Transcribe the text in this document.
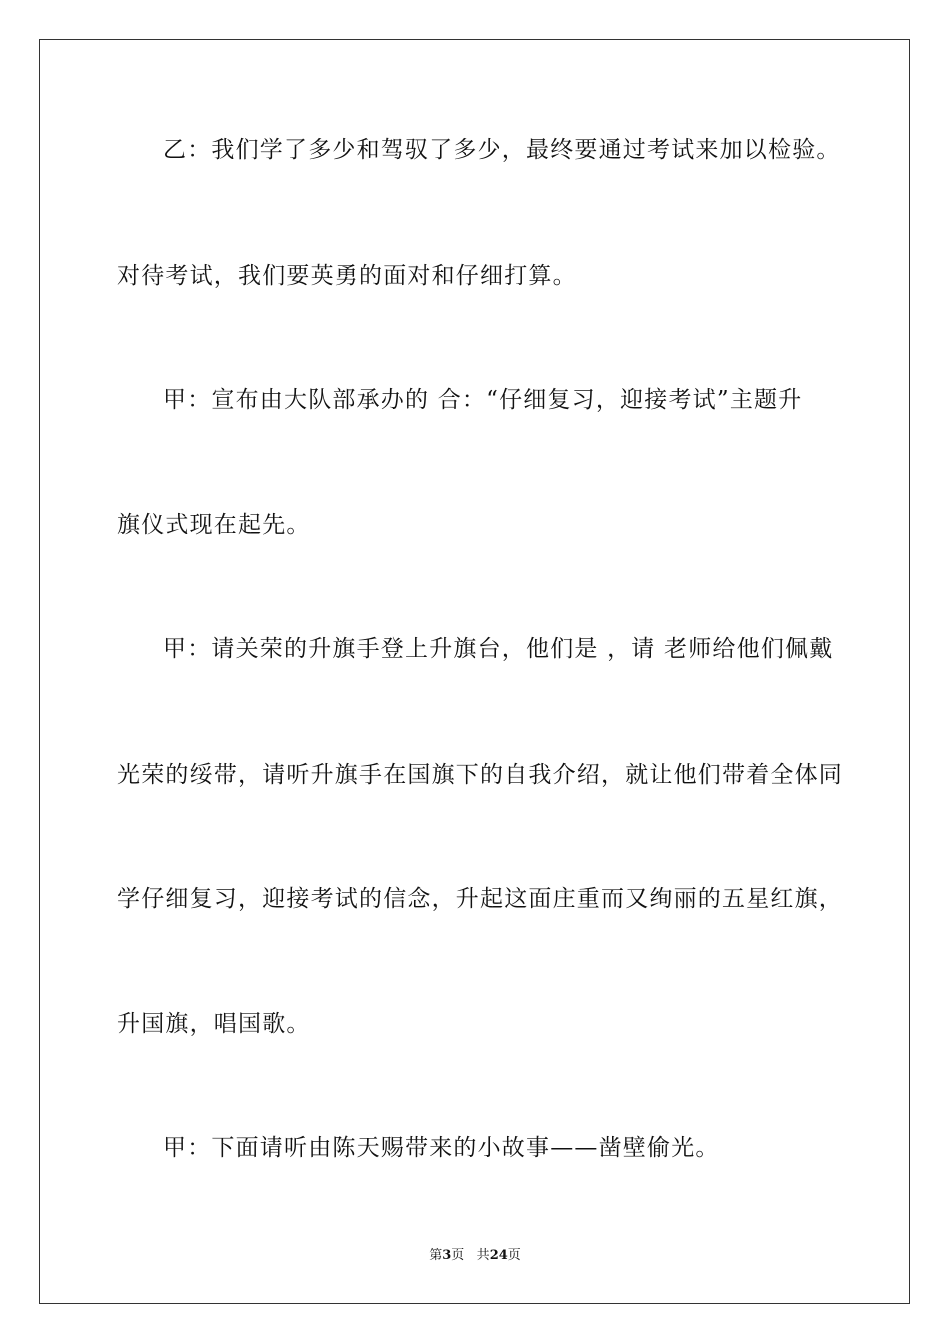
乙：我们学了多少和驾驭了多少，最终要通过考试来加以检验。
对待考试，我们要英勇的面对和仔细打算。
甲：宣布由大队部承办的 合：“仔细复习，迎接考试”主题升
旗仪式现在起先。
甲：请关荣的升旗手登上升旗台，他们是 ，请 老师给他们佩戴
光荣的绥带，请听升旗手在国旗下的自我介绍，就让他们带着全体同
学仔细复习，迎接考试的信念，升起这面庄重而又绚丽的五星红旗，
升国旗，唱国歌。
甲：下面请听由陈天赐带来的小故事——凿壁偷光。
第3页 共24页
